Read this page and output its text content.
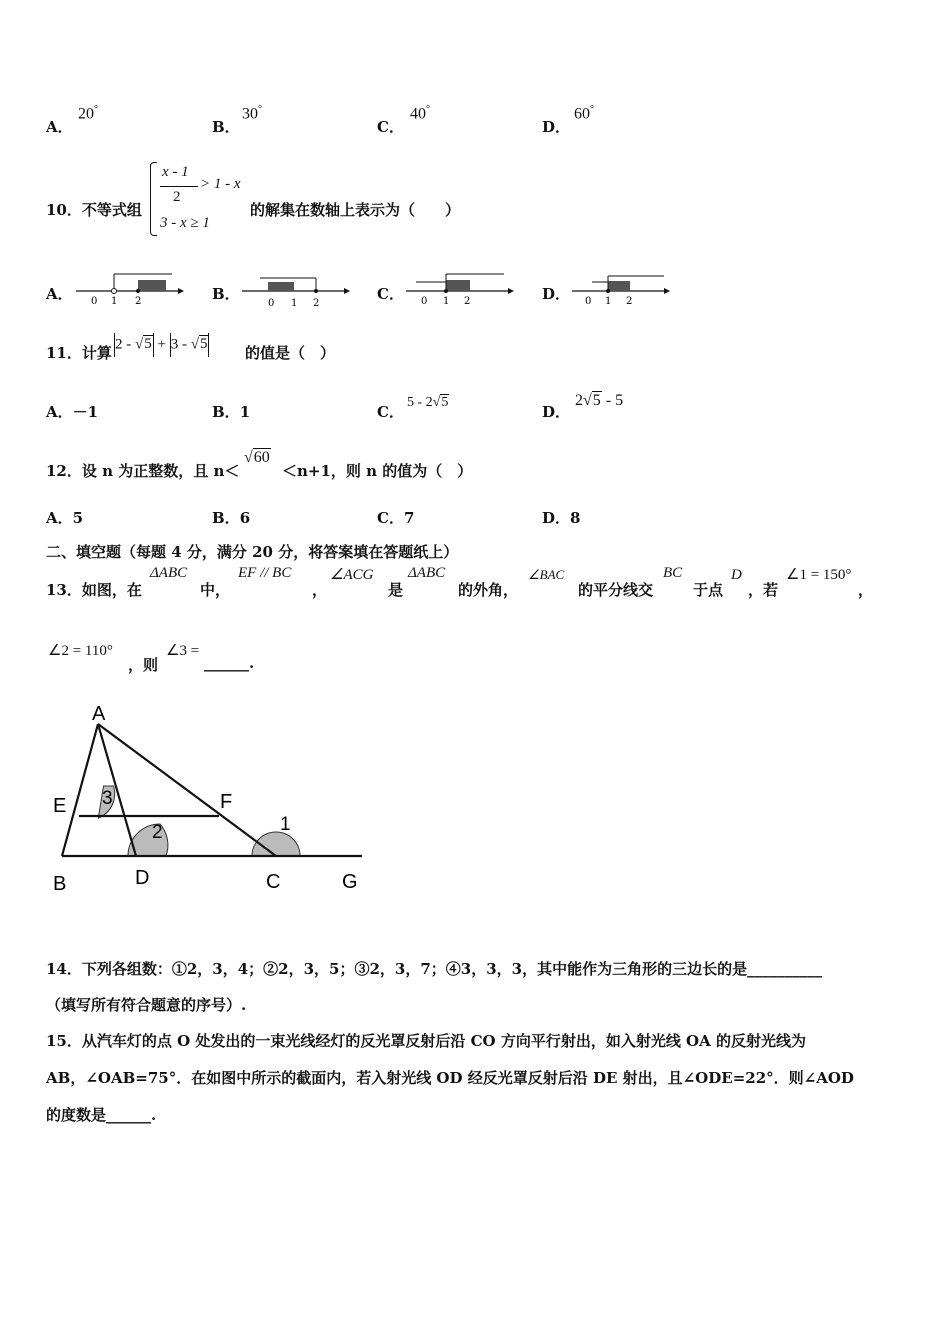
A．
20°
B．
30°
C．
40°
D．
60°
10．不等式组
x - 1
2
> 1 - x
3 - x ≥ 1
的解集在数轴上表示为（　　）
A． 0 1 2	B．
0 1 2
C． 0 1 2	D． 0 1 2
11．计算 2 - √5 + 3 - √5	的值是（　）
A．－1	B．1	C．
5 - 2√5
D．
2√5 - 5
12．设 n 为正整数，且 n＜
√60
＜n+1，则 n 的值为（　）
A．5	B．6	C．7	D．8
二、填空题（每题 4 分，满分 20 分，将答案填在答题纸上）
13．如图，在
ΔABC
中，
EF // BC
，
∠ACG
是
ΔABC
的外角，
∠BAC
的平分线交
BC
于点
D
，若
∠1 = 150°
，
∠2 = 110°
，则
∠3 =
______.
A
E	F
B	D	C	G
3
2	1
14．下列各组数：①2，3，4；②2，3，5；③2，3，7；④3，3，3，其中能作为三角形的三边长的是__________
（填写所有符合题意的序号）.
15．从汽车灯的点 O 处发出的一束光线经灯的反光罩反射后沿 CO 方向平行射出，如入射光线 OA 的反射光线为
AB，∠OAB=75°．在如图中所示的截面内，若入射光线 OD 经反光罩反射后沿 DE 射出，且∠ODE=22°．则∠AOD
的度数是______.
